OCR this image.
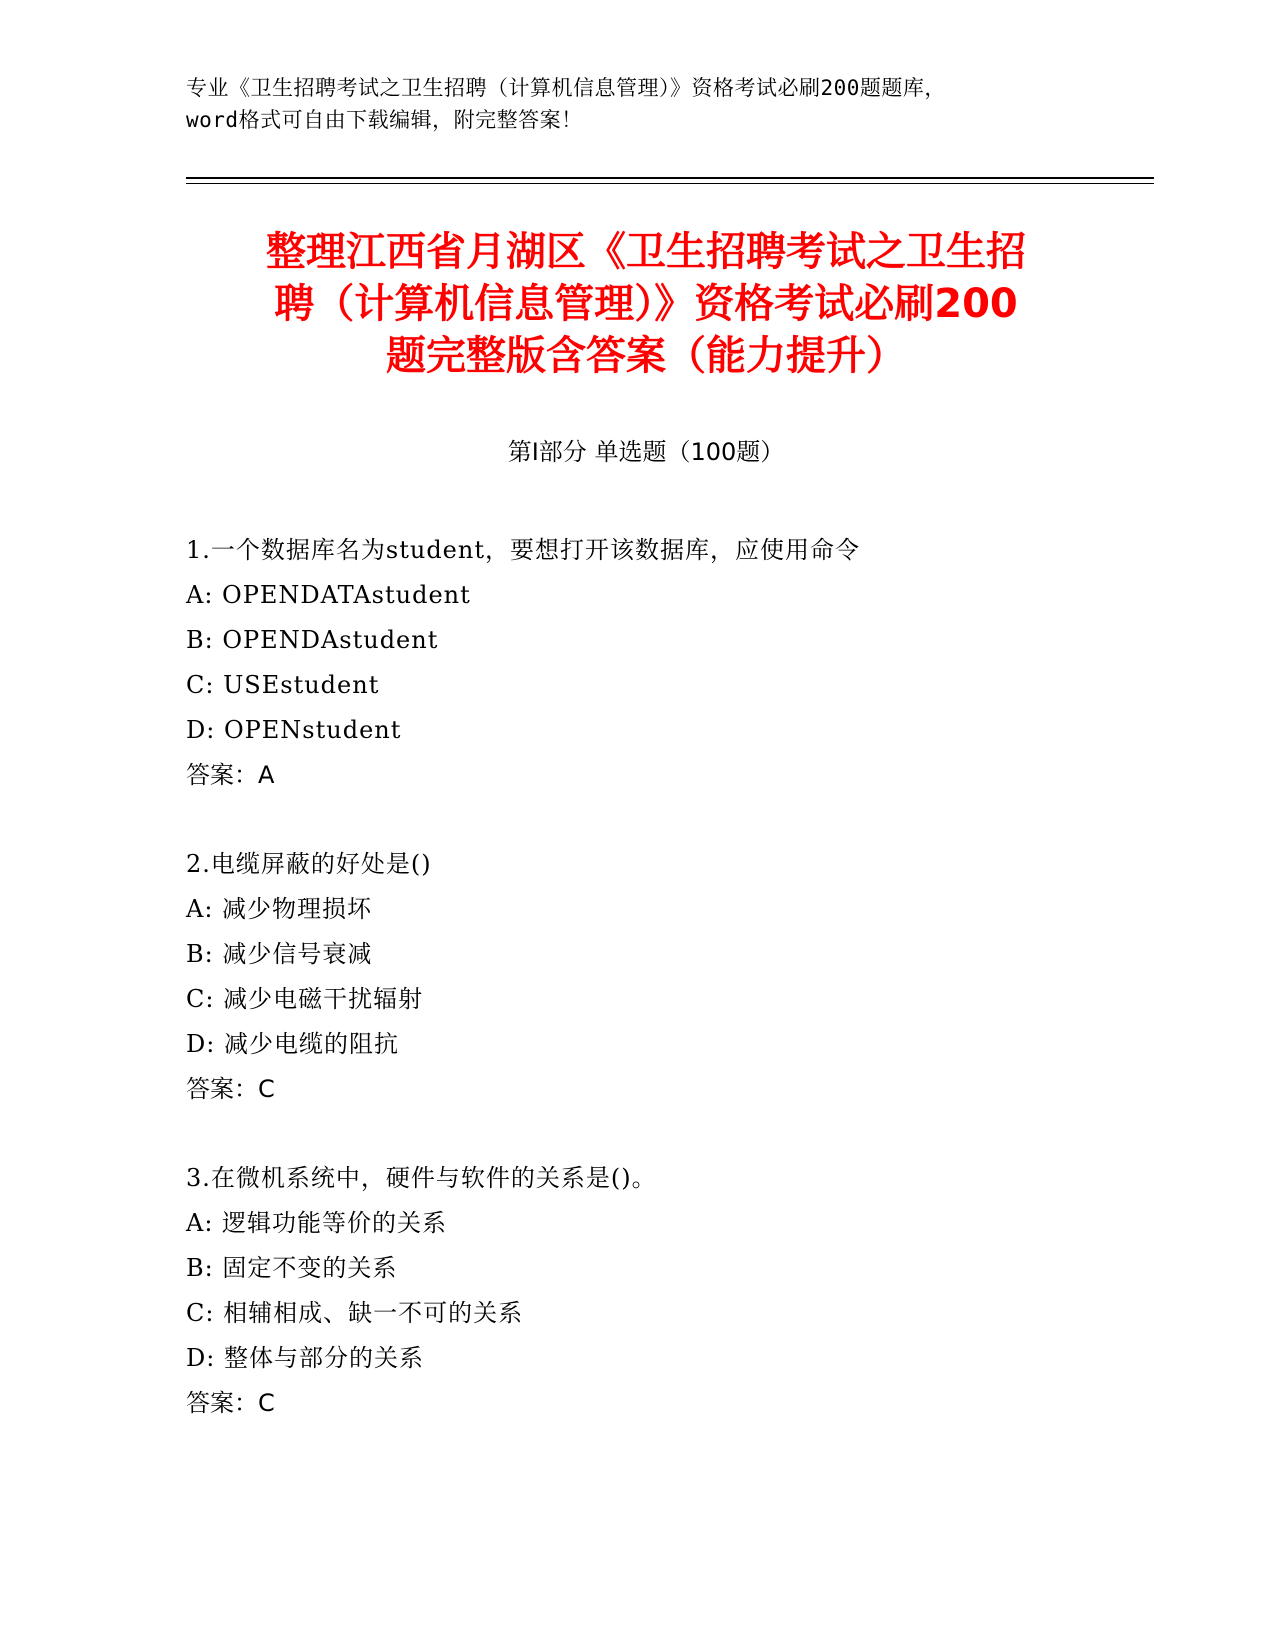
专业《卫生招聘考试之卫生招聘（计算机信息管理）》资格考试必刷200题题库，
word格式可自由下载编辑，附完整答案！
整理江西省月湖区《卫生招聘考试之卫生招
聘（计算机信息管理）》资格考试必刷200
题完整版含答案（能力提升）
第Ⅰ部分 单选题（100题）
1.一个数据库名为student，要想打开该数据库，应使用命令
A: OPENDATAstudent
B: OPENDAstudent
C: USEstudent
D: OPENstudent
答案：A
2.电缆屏蔽的好处是()
A: 减少物理损坏
B: 减少信号衰减
C: 减少电磁干扰辐射
D: 减少电缆的阻抗
答案：C
3.在微机系统中，硬件与软件的关系是()。
A: 逻辑功能等价的关系
B: 固定不变的关系
C: 相辅相成、缺一不可的关系
D: 整体与部分的关系
答案：C
